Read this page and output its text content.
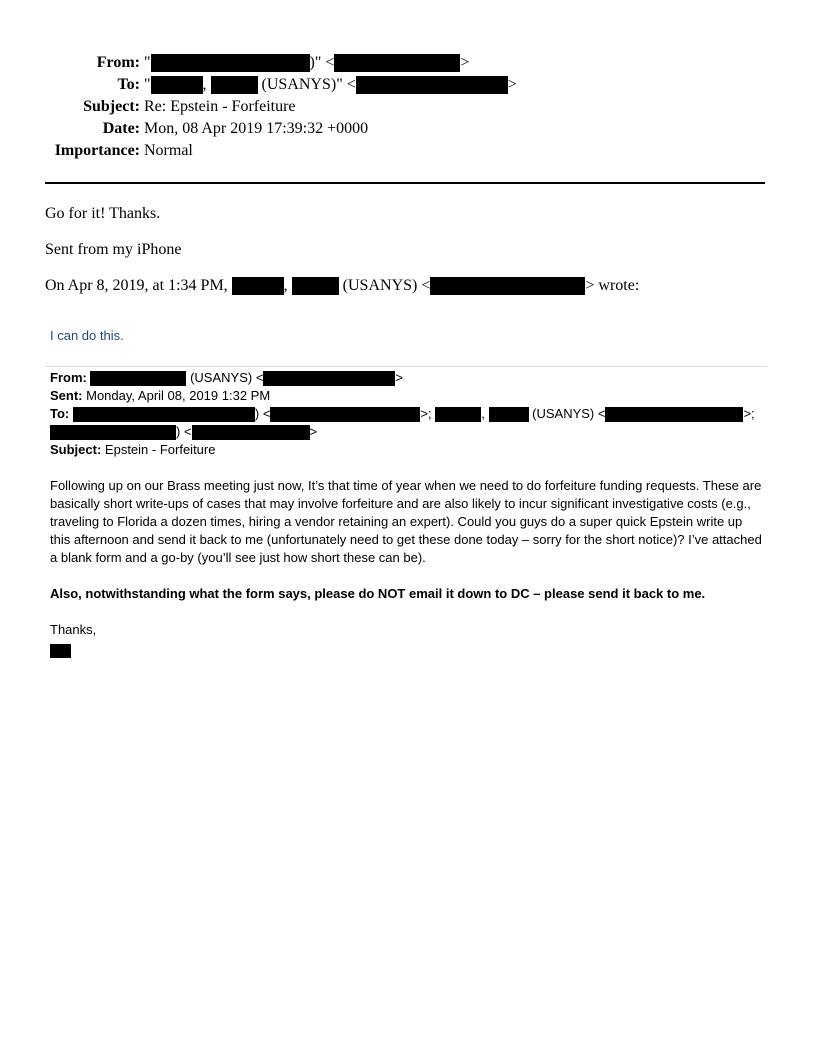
From: "	)" <	>
To: "	,	(USANYS)" <	>
Subject: Re: Epstein - Forfeiture
Date: Mon, 08 Apr 2019 17:39:32 +0000
Importance: Normal
Go for it! Thanks.
Sent from my iPhone
On Apr 8, 2019, at 1:34 PM,	,	(USANYS) <	> wrote:
I can do this.
From:	(USANYS) <	>
Sent: Monday, April 08, 2019 1:32 PM
To:	) <	>;	,	(USANYS) <	>;
) <	>
Subject: Epstein - Forfeiture
Following up on our Brass meeting just now, It’s that time of year when we need to do forfeiture funding requests. These are basically short write-ups of cases that may involve forfeiture and are also likely to incur significant investigative costs (e.g., traveling to Florida a dozen times, hiring a vendor retaining an expert). Could you guys do a super quick Epstein write up this afternoon and send it back to me (unfortunately need to get these done today – sorry for the short notice)? I’ve attached a blank form and a go-by (you’ll see just how short these can be).
Also, notwithstanding what the form says, please do NOT email it down to DC – please send it back to me.
Thanks,
